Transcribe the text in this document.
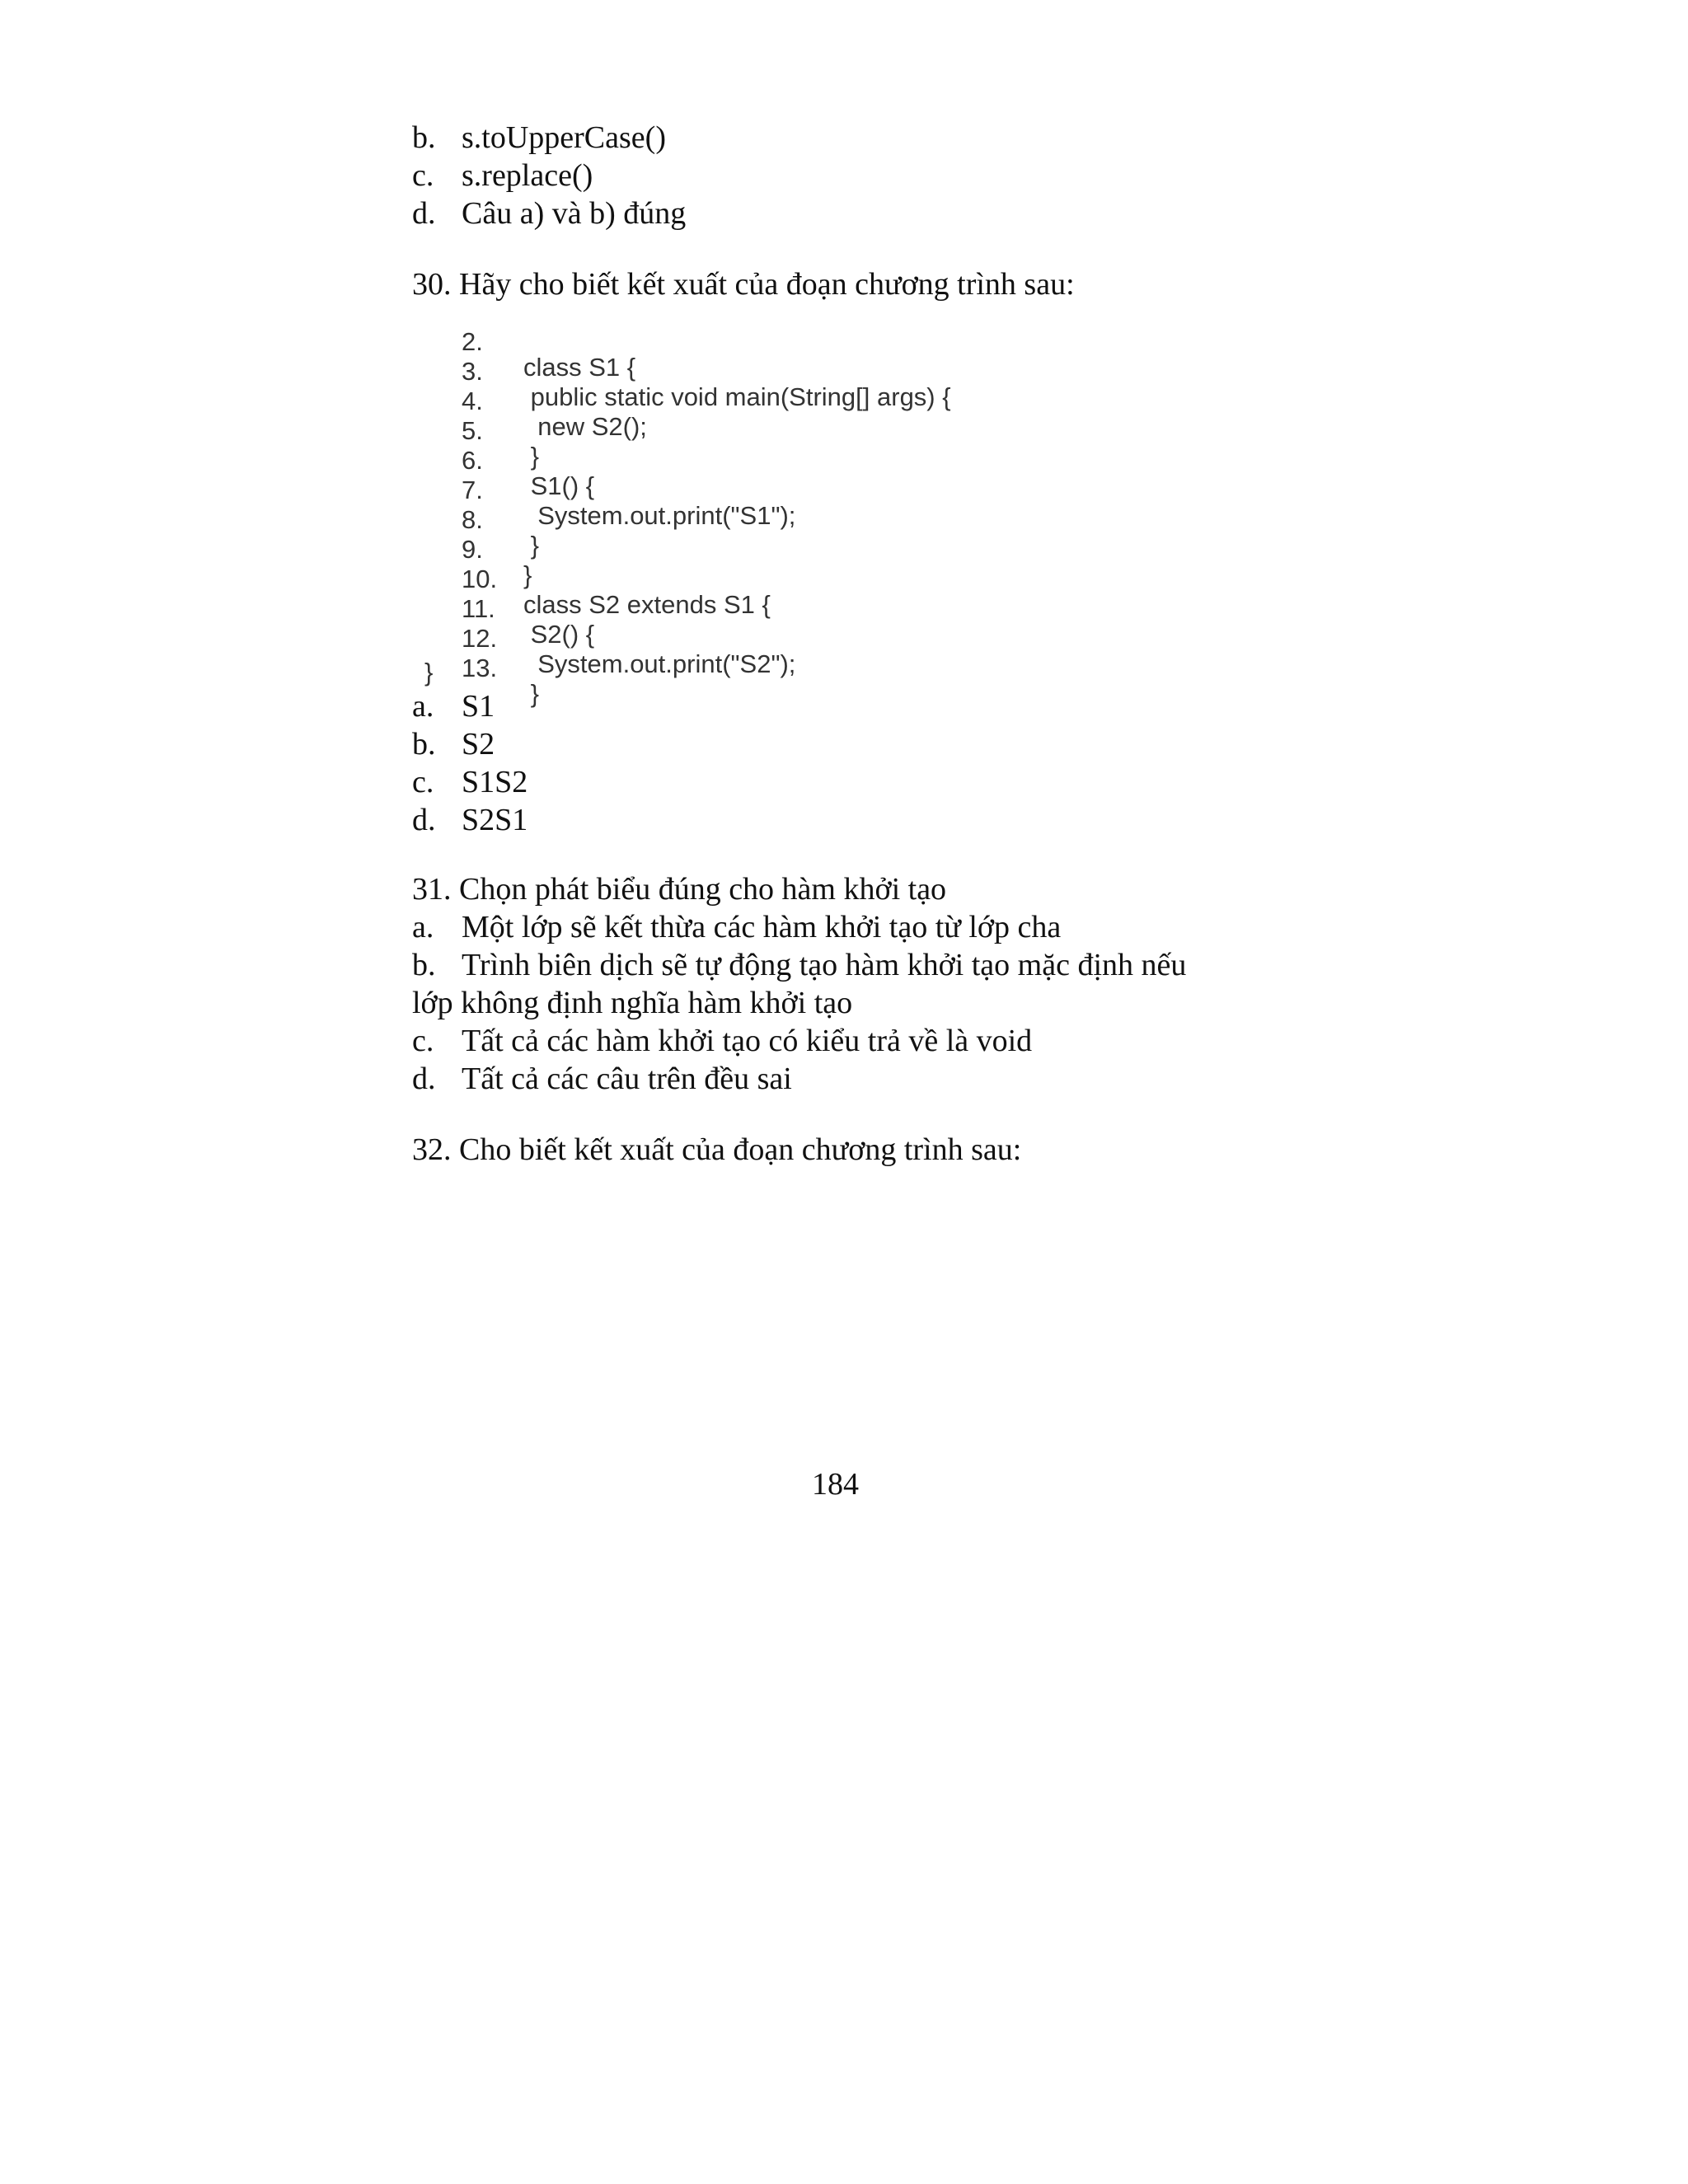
b. s.toUpperCase()
c. s.replace()
d. Câu a) và b) đúng
30. Hãy cho biết kết xuất của đoạn chương trình sau:

2.

class S1 {

3.

public static void main(String[] args) {

4.

new S2();

5.

}

6.

S1() {

7.

System.out.print("S1");

8.

}

9.

}

10.

class S2 extends S1 {

11.

S2() {

12.

System.out.print("S2");

13.

}

}
a. S1
b. S2
c. S1S2
d. S2S1
31. Chọn phát biểu đúng cho hàm khởi tạo
a. Một lớp sẽ kết thừa các hàm khởi tạo từ lớp cha
b. Trình biên dịch sẽ tự động tạo hàm khởi tạo mặc định nếu
lớp không định nghĩa hàm khởi tạo
c. Tất cả các hàm khởi tạo có kiểu trả về là void
d. Tất cả các câu trên đều sai
32. Cho biết kết xuất của đoạn chương trình sau:
184
